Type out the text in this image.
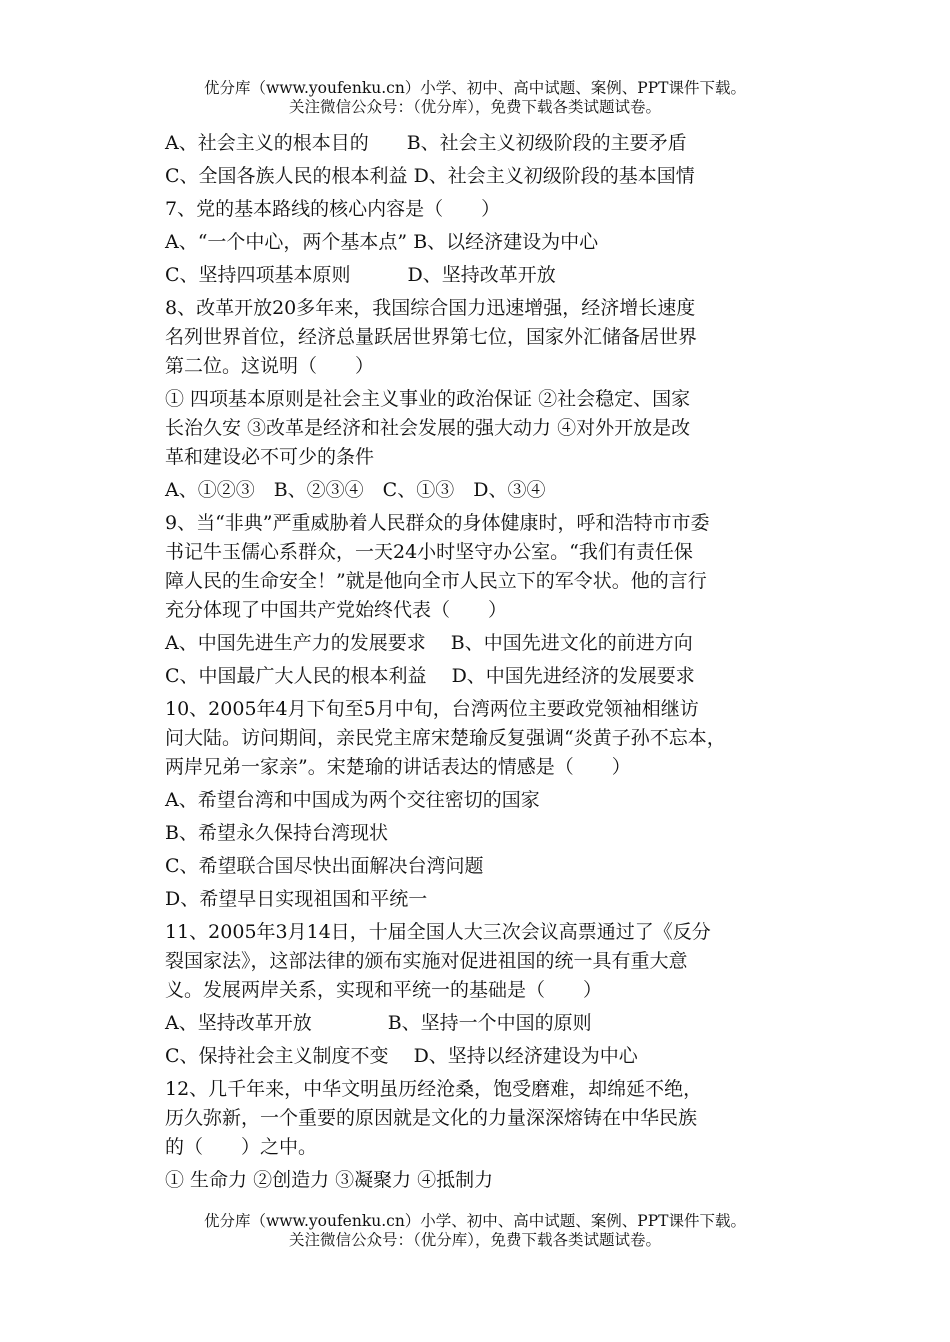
优分库（www.youfenku.cn）小学、初中、高中试题、案例、PPT课件下载。
关注微信公众号：（优分库），免费下载各类试题试卷。
A、社会主义的根本目的　　B、社会主义初级阶段的主要矛盾
C、全国各族人民的根本利益 D、社会主义初级阶段的基本国情
7、党的基本路线的核心内容是（　　）
A、“一个中心，两个基本点” B、以经济建设为中心
C、坚持四项基本原则　　　D、坚持改革开放
8、改革开放20多年来，我国综合国力迅速增强，经济增长速度
名列世界首位，经济总量跃居世界第七位，国家外汇储备居世界
第二位。这说明（　　）
① 四项基本原则是社会主义事业的政治保证 ②社会稳定、国家
长治久安 ③改革是经济和社会发展的强大动力 ④对外开放是改
革和建设必不可少的条件
A、①②③　B、②③④　C、①③　D、③④
9、当“非典”严重威胁着人民群众的身体健康时，呼和浩特市市委
书记牛玉儒心系群众，一天24小时坚守办公室。“我们有责任保
障人民的生命安全！”就是他向全市人民立下的军令状。他的言行
充分体现了中国共产党始终代表（　　）
A、中国先进生产力的发展要求　 B、中国先进文化的前进方向
C、中国最广大人民的根本利益　 D、中国先进经济的发展要求
10、2005年4月下旬至5月中旬，台湾两位主要政党领袖相继访
问大陆。访问期间，亲民党主席宋楚瑜反复强调“炎黄子孙不忘本，
两岸兄弟一家亲”。宋楚瑜的讲话表达的情感是（　　）
A、希望台湾和中国成为两个交往密切的国家
B、希望永久保持台湾现状
C、希望联合国尽快出面解决台湾问题
D、希望早日实现祖国和平统一
11、2005年3月14日，十届全国人大三次会议高票通过了《反分
裂国家法》，这部法律的颁布实施对促进祖国的统一具有重大意
义。发展两岸关系，实现和平统一的基础是（　　）
A、坚持改革开放　　　　B、坚持一个中国的原则
C、保持社会主义制度不变　 D、坚持以经济建设为中心
12、几千年来，中华文明虽历经沧桑，饱受磨难，却绵延不绝，
历久弥新，一个重要的原因就是文化的力量深深熔铸在中华民族
的（　　）之中。
① 生命力 ②创造力 ③凝聚力 ④抵制力
优分库（www.youfenku.cn）小学、初中、高中试题、案例、PPT课件下载。
关注微信公众号：（优分库），免费下载各类试题试卷。
